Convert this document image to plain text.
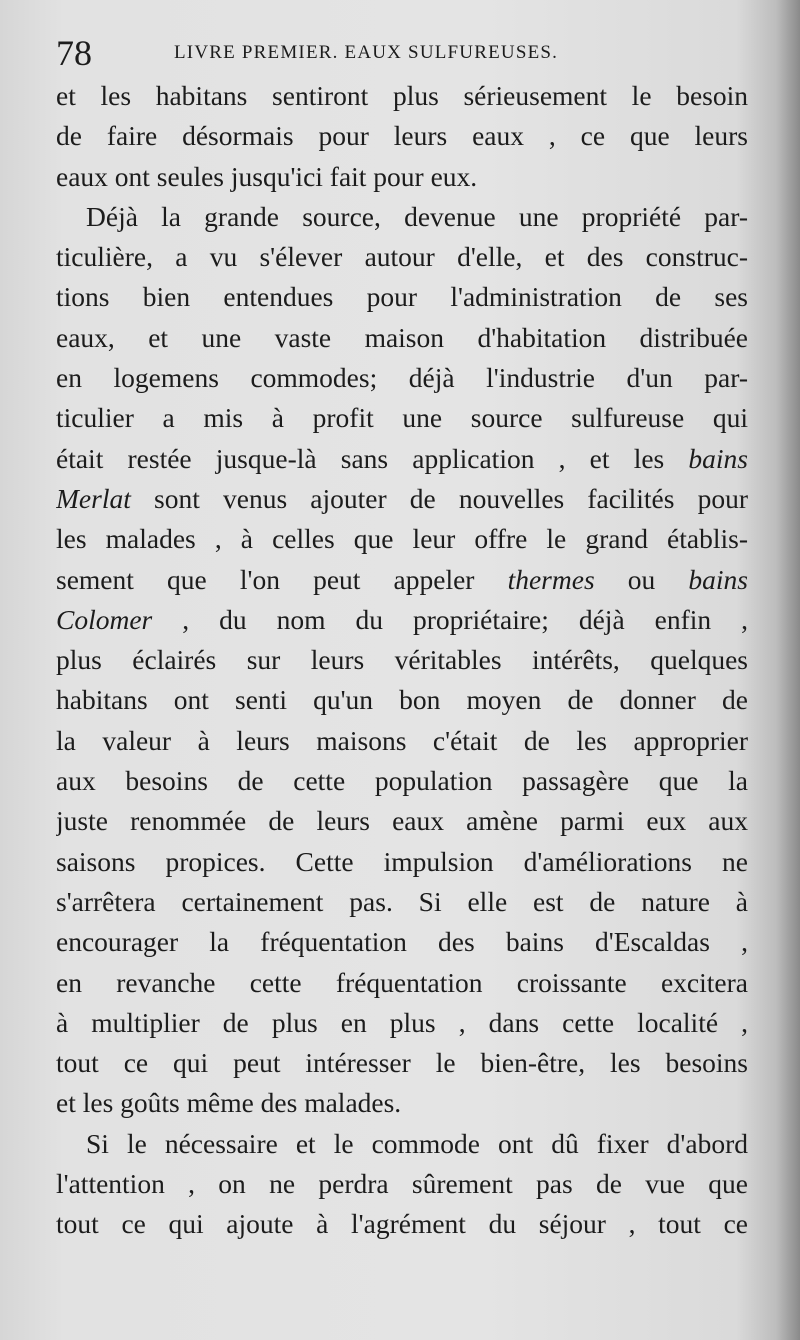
78	LIVRE PREMIER. EAUX SULFUREUSES.
et les habitans sentiront plus sérieusement le besoin
de faire désormais pour leurs eaux , ce que leurs
eaux ont seules jusqu'ici fait pour eux.
Déjà la grande source, devenue une propriété par-
ticulière, a vu s'élever autour d'elle, et des construc-
tions bien entendues pour l'administration de ses
eaux, et une vaste maison d'habitation distribuée
en logemens commodes; déjà l'industrie d'un par-
ticulier a mis à profit une source sulfureuse qui
était restée jusque-là sans application , et les bains
Merlat sont venus ajouter de nouvelles facilités pour
les malades , à celles que leur offre le grand établis-
sement que l'on peut appeler thermes ou bains
Colomer , du nom du propriétaire; déjà enfin ,
plus éclairés sur leurs véritables intérêts, quelques
habitans ont senti qu'un bon moyen de donner de
la valeur à leurs maisons c'était de les approprier
aux besoins de cette population passagère que la
juste renommée de leurs eaux amène parmi eux aux
saisons propices. Cette impulsion d'améliorations ne
s'arrêtera certainement pas. Si elle est de nature à
encourager la fréquentation des bains d'Escaldas ,
en revanche cette fréquentation croissante excitera
à multiplier de plus en plus , dans cette localité ,
tout ce qui peut intéresser le bien-être, les besoins
et les goûts même des malades.
Si le nécessaire et le commode ont dû fixer d'abord
l'attention , on ne perdra sûrement pas de vue que
tout ce qui ajoute à l'agrément du séjour , tout ce
